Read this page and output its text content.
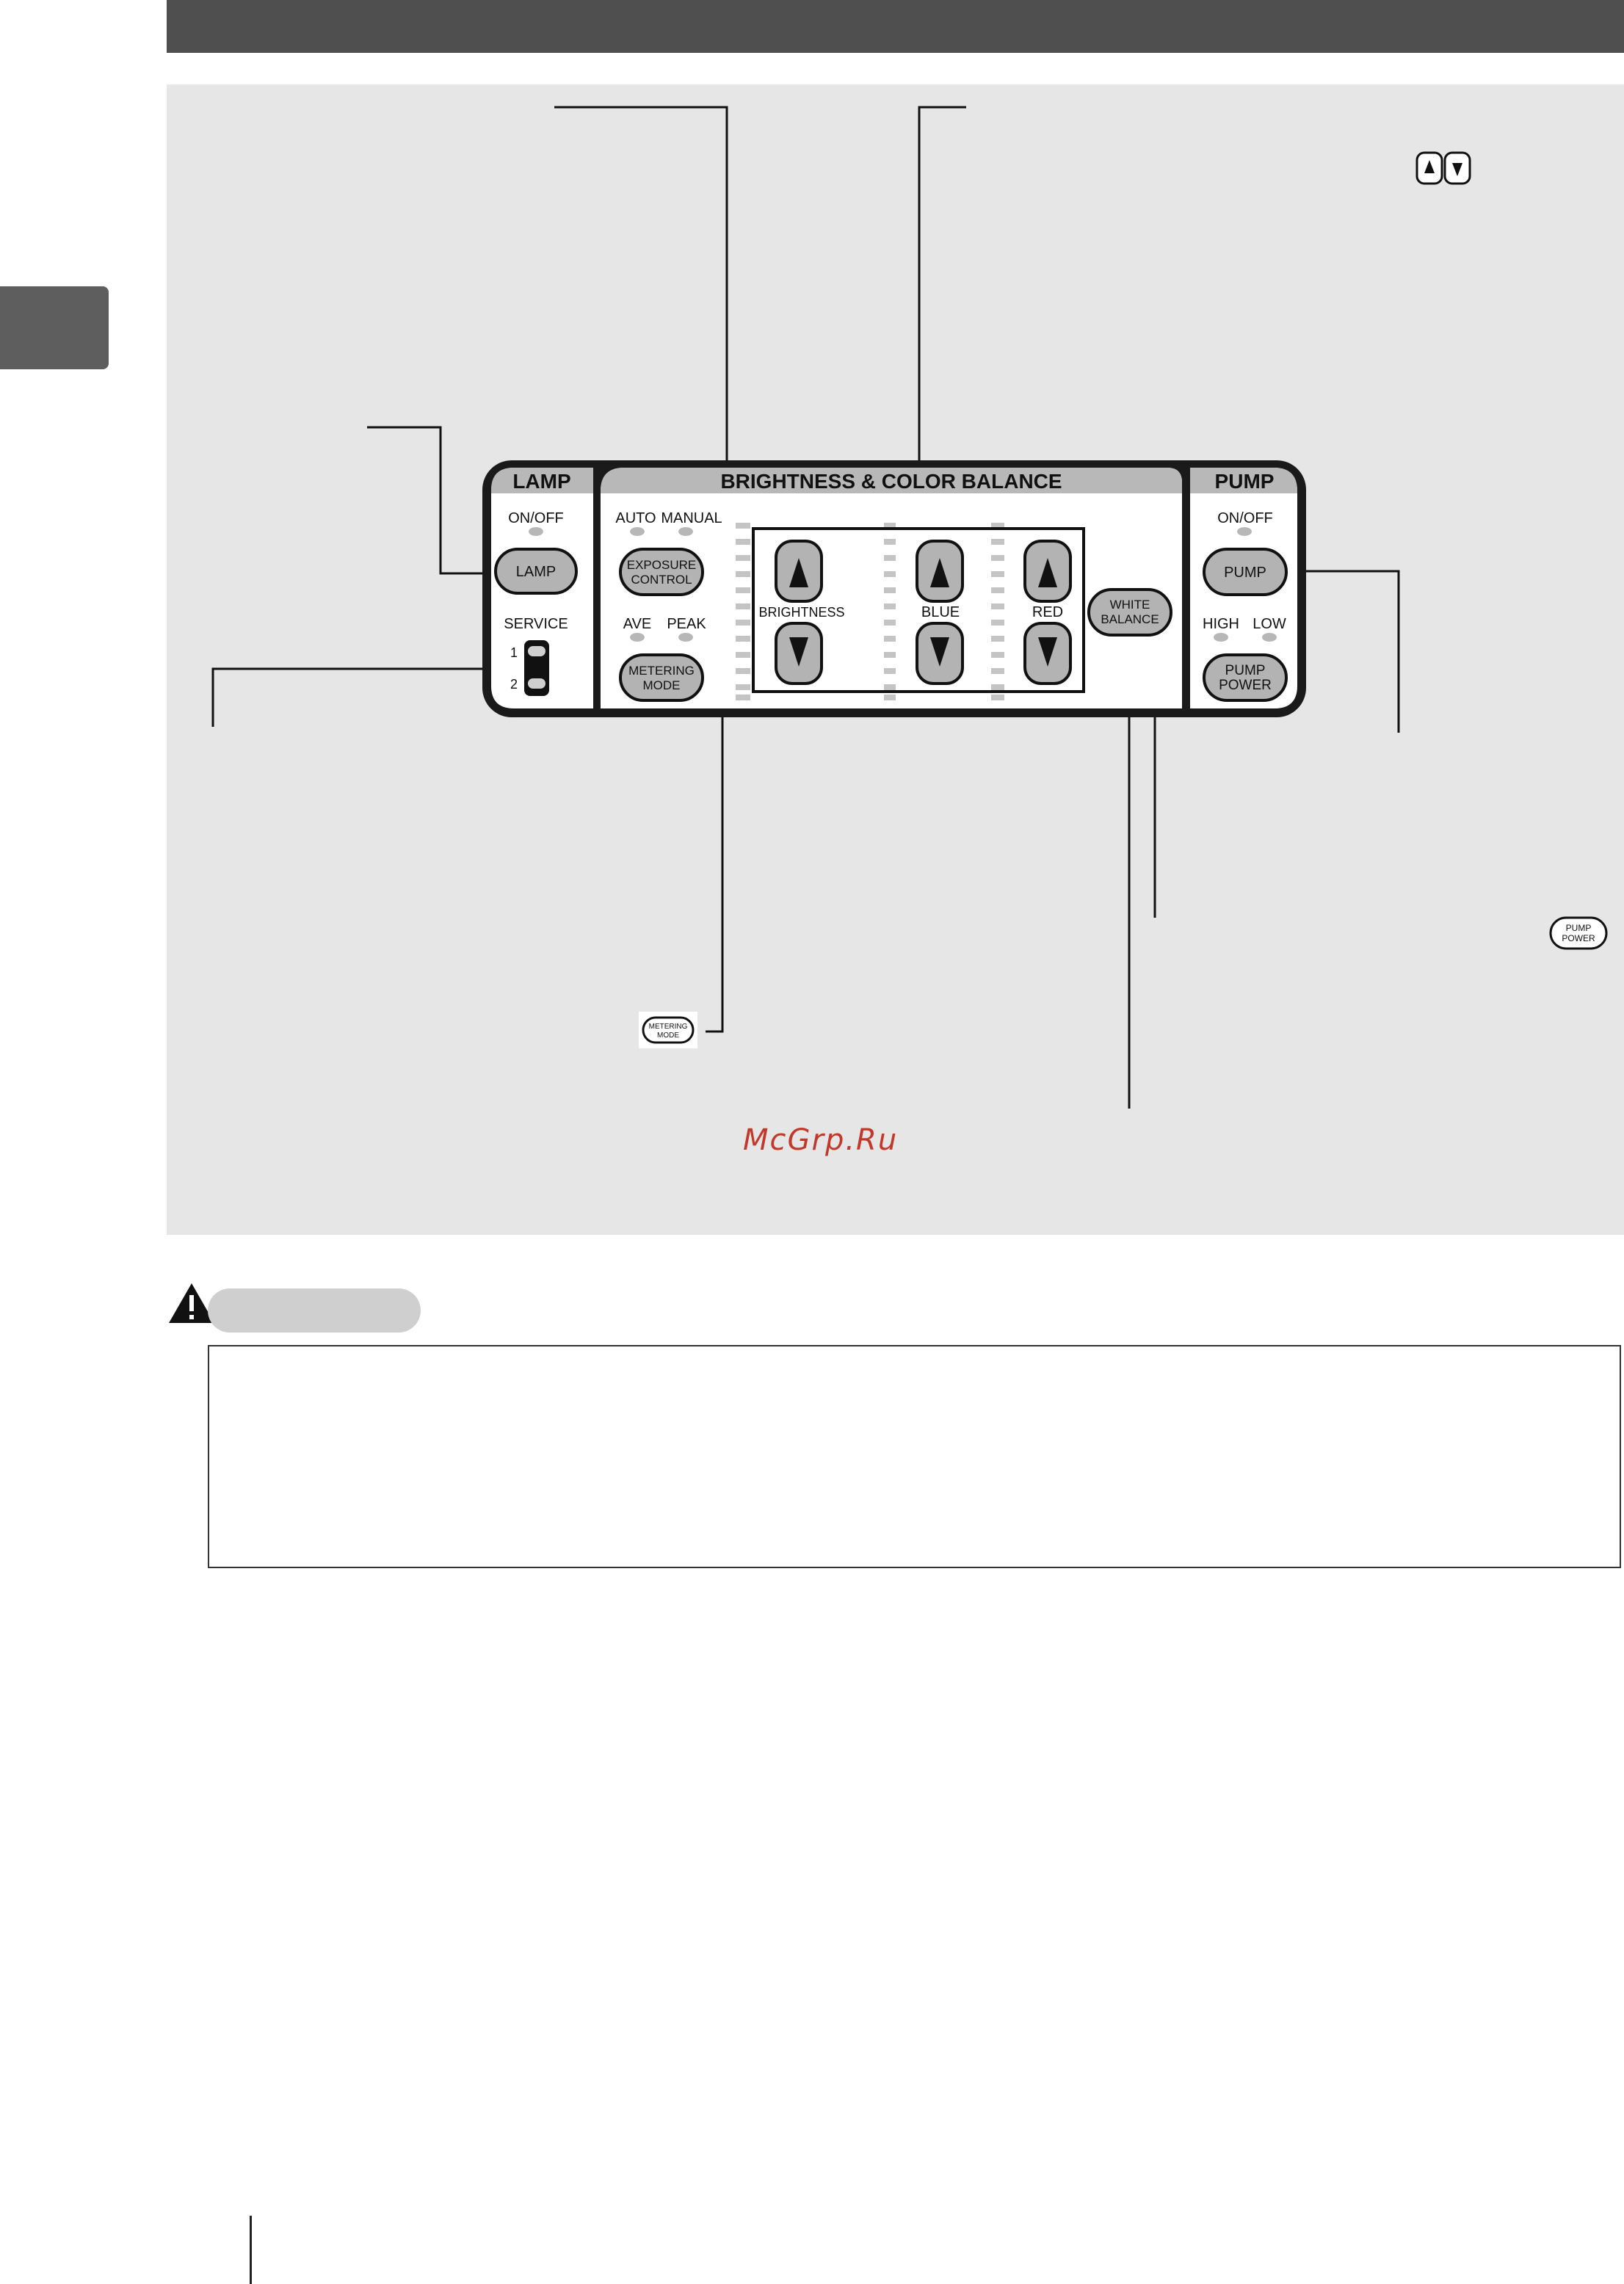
LAMP
ON/OFF
LAMP
SERVICE
1
2
BRIGHTNESS & COLOR BALANCE
AUTO MANUAL
EXPOSURE
CONTROL
AVE PEAK
METERING
MODE
BRIGHTNESS	BLUE	RED	WHITE
BALANCE
PUMP
ON/OFF
PUMP
HIGH LOW
PUMP
POWER
METERING
MODE
PUMP
POWER
McGrp.Ru
